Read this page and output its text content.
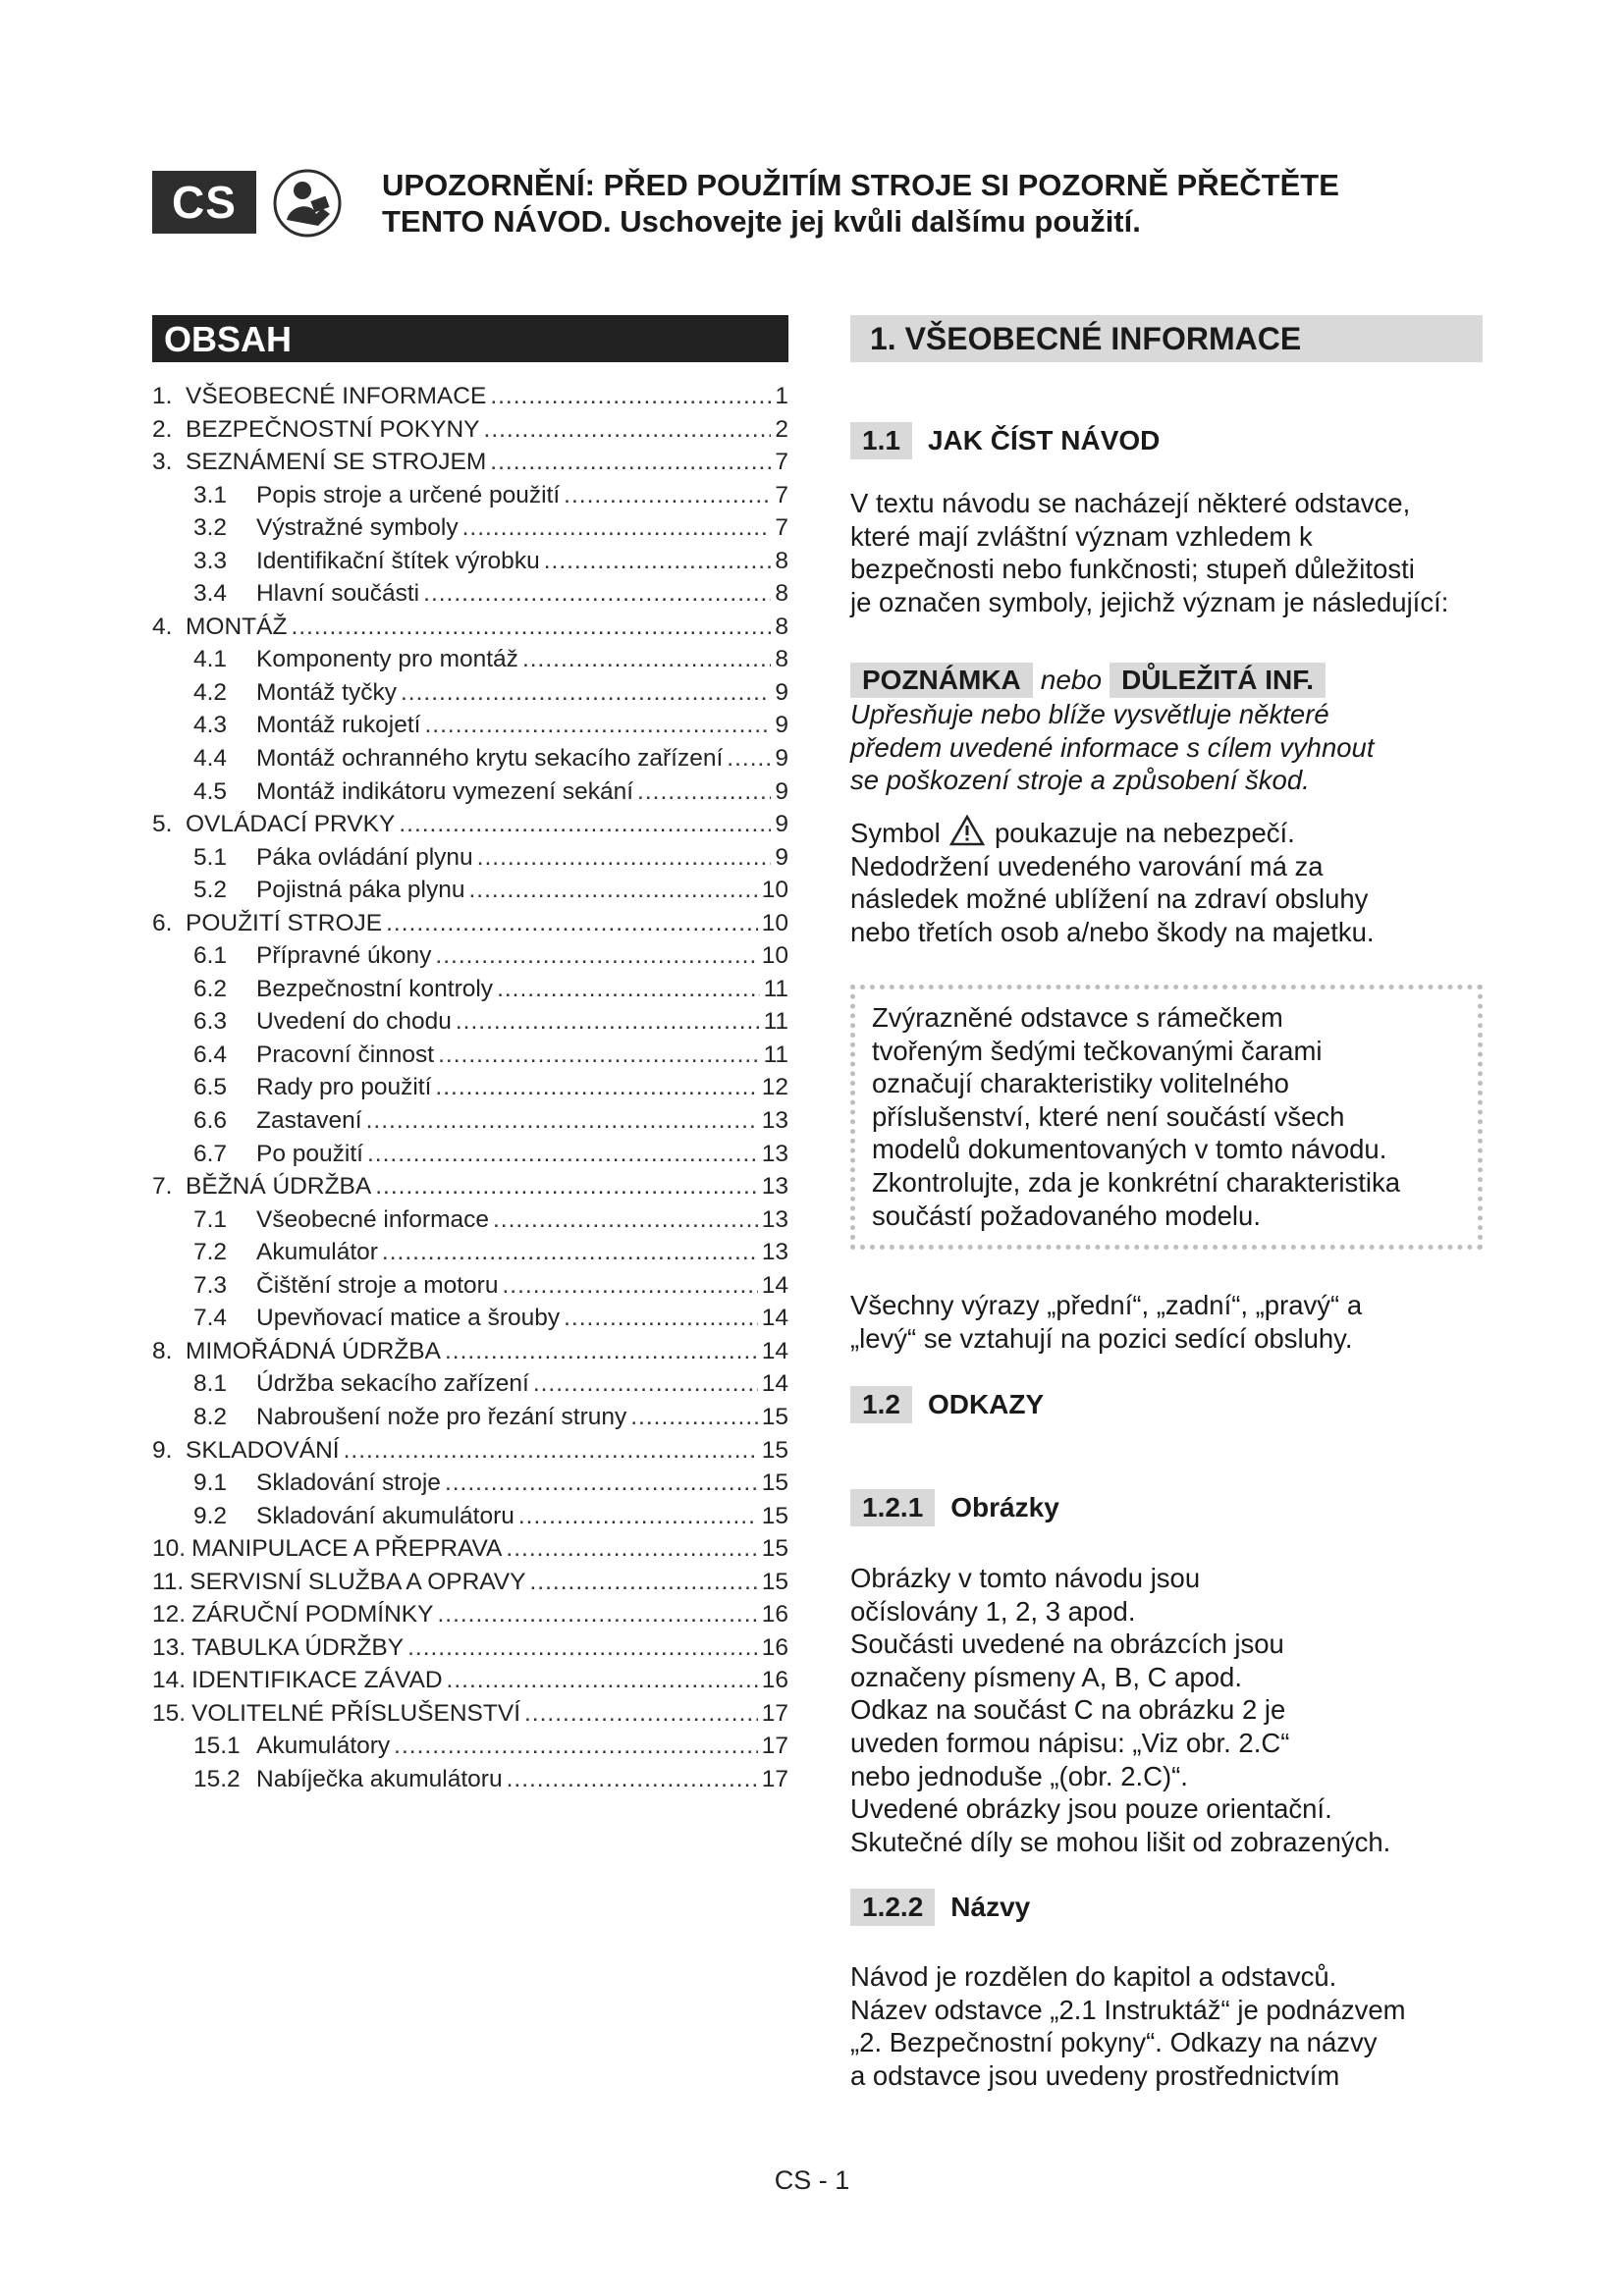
CS	UPOZORNĚNÍ: PŘED POUŽITÍM STROJE SI POZORNĚ PŘEČTĚTE
TENTO NÁVOD. Uschovejte jej kvůli dalšímu použití.
OBSAH
1. VŠEOBECNÉ INFORMACE .....	1
2. BEZPEČNOSTNÍ POKYNY .....	2
3. SEZNÁMENÍ SE STROJEM .....	7
3.1	Popis stroje a určené použití .....	7
3.2	Výstražné symboly .....	7
3.3	Identifikační štítek výrobku .....	8
3.4	Hlavní součásti .....	8
4. MONTÁŽ .....	8
4.1	Komponenty pro montáž .....	8
4.2	Montáž tyčky .....	9
4.3	Montáž rukojetí .....	9
4.4	Montáž ochranného krytu sekacího zařízení ..... 9
4.5	Montáž indikátoru vymezení sekání .....	9
5. OVLÁDACÍ PRVKY .....	9
5.1	Páka ovládání plynu .....	9
5.2	Pojistná páka plynu .....	10
6. POUŽITÍ STROJE .....	10
6.1	Přípravné úkony .....	10
6.2	Bezpečnostní kontroly .....	11
6.3	Uvedení do chodu .....	11
6.4	Pracovní činnost .....	11
6.5	Rady pro použití .....	12
6.6	Zastavení .....	13
6.7	Po použití .....	13
7. BĚŽNÁ ÚDRŽBA .....	13
7.1	Všeobecné informace .....	13
7.2	Akumulátor .....	13
7.3	Čištění stroje a motoru .....	14
7.4	Upevňovací matice a šrouby .....	14
8. MIMOŘÁDNÁ ÚDRŽBA .....	14
8.1	Údržba sekacího zařízení .....	14
8.2	Nabroušení nože pro řezání struny .....	15
9. SKLADOVÁNÍ .....	15
9.1	Skladování stroje .....	15
9.2	Skladování akumulátoru .....	15
10. MANIPULACE A PŘEPRAVA .....	15
11. SERVISNÍ SLUŽBA A OPRAVY .....	15
12. ZÁRUČNÍ PODMÍNKY .....	16
13. TABULKA ÚDRŽBY .....	16
14. IDENTIFIKACE ZÁVAD .....	16
15. VOLITELNÉ PŘÍSLUŠENSTVÍ .....	17
15.1 Akumulátory .....	17
15.2 Nabíječka akumulátoru .....	17
1. VŠEOBECNÉ INFORMACE
1.1	JAK ČÍST NÁVOD
V textu návodu se nacházejí některé odstavce,
které mají zvláštní význam vzhledem k
bezpečnosti nebo funkčnosti; stupeň důležitosti
je označen symboly, jejichž význam je následující:
POZNÁMKA nebo DŮLEŽITÁ INF.
Upřesňuje nebo blíže vysvětluje některé
předem uvedené informace s cílem vyhnout
se poškození stroje a způsobení škod.
Symbol poukazuje na nebezpečí.
Nedodržení uvedeného varování má za
následek možné ublížení na zdraví obsluhy
nebo třetích osob a/nebo škody na majetku.
Zvýrazněné odstavce s rámečkem
tvořeným šedými tečkovanými čarami
označují charakteristiky volitelného
příslušenství, které není součástí všech
modelů dokumentovaných v tomto návodu.
Zkontrolujte, zda je konkrétní charakteristika
součástí požadovaného modelu.
Všechny výrazy „přední“, „zadní“, „pravý“ a
„levý“ se vztahují na pozici sedící obsluhy.
1.2	ODKAZY
1.2.1	Obrázky
Obrázky v tomto návodu jsou
očíslovány 1, 2, 3 apod.
Součásti uvedené na obrázcích jsou
označeny písmeny A, B, C apod.
Odkaz na součást C na obrázku 2 je
uveden formou nápisu: „Viz obr. 2.C“
nebo jednoduše „(obr. 2.C)“.
Uvedené obrázky jsou pouze orientační.
Skutečné díly se mohou lišit od zobrazených.
1.2.2	Názvy
Návod je rozdělen do kapitol a odstavců.
Název odstavce „2.1 Instruktáž“ je podnázvem
„2. Bezpečnostní pokyny“. Odkazy na názvy
a odstavce jsou uvedeny prostřednictvím
CS - 1
